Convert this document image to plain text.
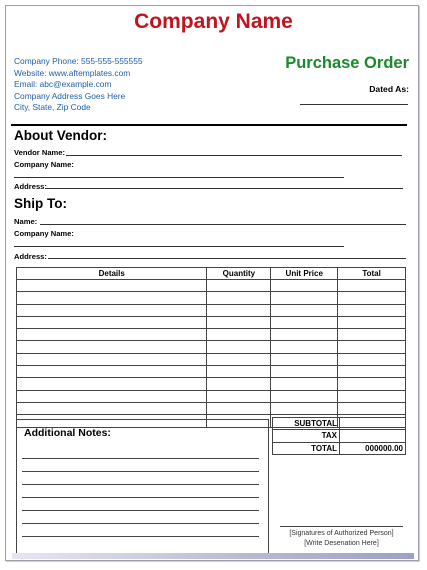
Company Name
Company Phone: 555-555-555555
Website: www.aftemplates.com
Email: abc@example.com
Company Address Goes Here
City, State, Zip Code
Purchase Order
Dated As:
About Vendor:
Vendor Name:
Company Name:
Address:
Ship To:
Name:
Company Name:
Address:
Details	Quantity	Unit Price	Total

Additional Notes:
SUBTOTAL	
TAX	
TOTAL	000000.00
[Signatures of Authorized Person]
[Write Desenation Here]
